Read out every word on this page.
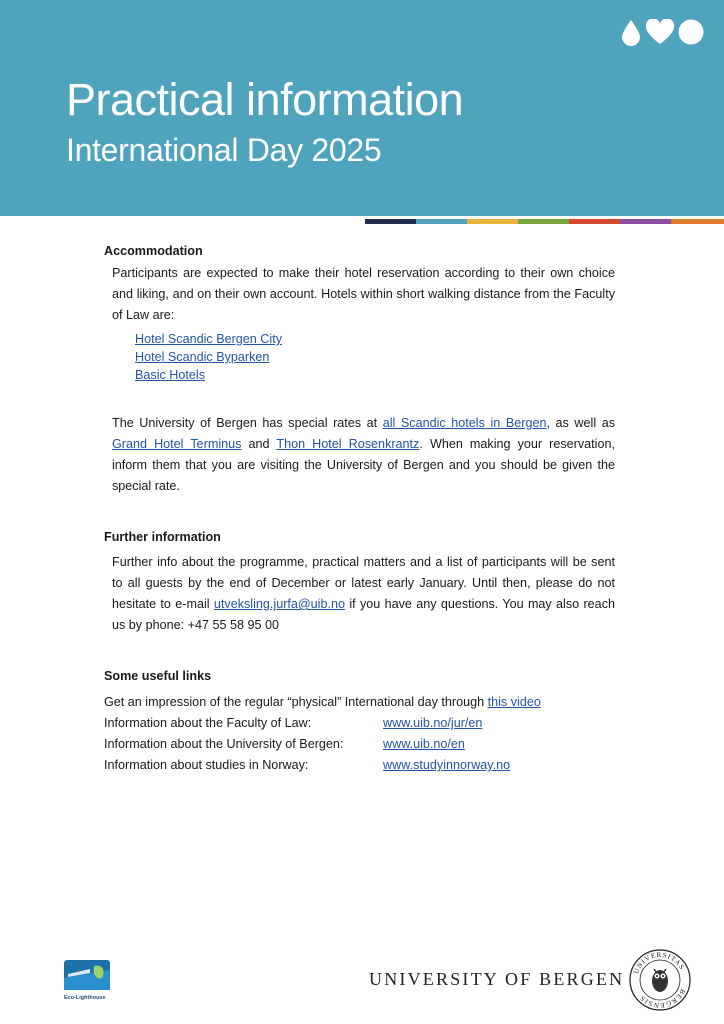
Practical information
International Day 2025
Accommodation
Participants are expected to make their hotel reservation according to their own choice and liking, and on their own account. Hotels within short walking distance from the Faculty of Law are:
Hotel Scandic Bergen City
Hotel Scandic Byparken
Basic Hotels
The University of Bergen has special rates at all Scandic hotels in Bergen, as well as Grand Hotel Terminus and Thon Hotel Rosenkrantz. When making your reservation, inform them that you are visiting the University of Bergen and you should be given the special rate.
Further information
Further info about the programme, practical matters and a list of participants will be sent to all guests by the end of December or latest early January. Until then, please do not hesitate to e-mail utveksling.jurfa@uib.no if you have any questions. You may also reach us by phone: +47 55 58 95 00
Some useful links
Get an impression of the regular “physical” International day through this video
Information about the Faculty of Law:	www.uib.no/jur/en
Information about the University of Bergen:	www.uib.no/en
Information about studies in Norway:	www.studyinnorway.no
Eco-Lighthouse
UNIVERSITY OF BERGEN UNIVERSITAS
BERGENSIS
